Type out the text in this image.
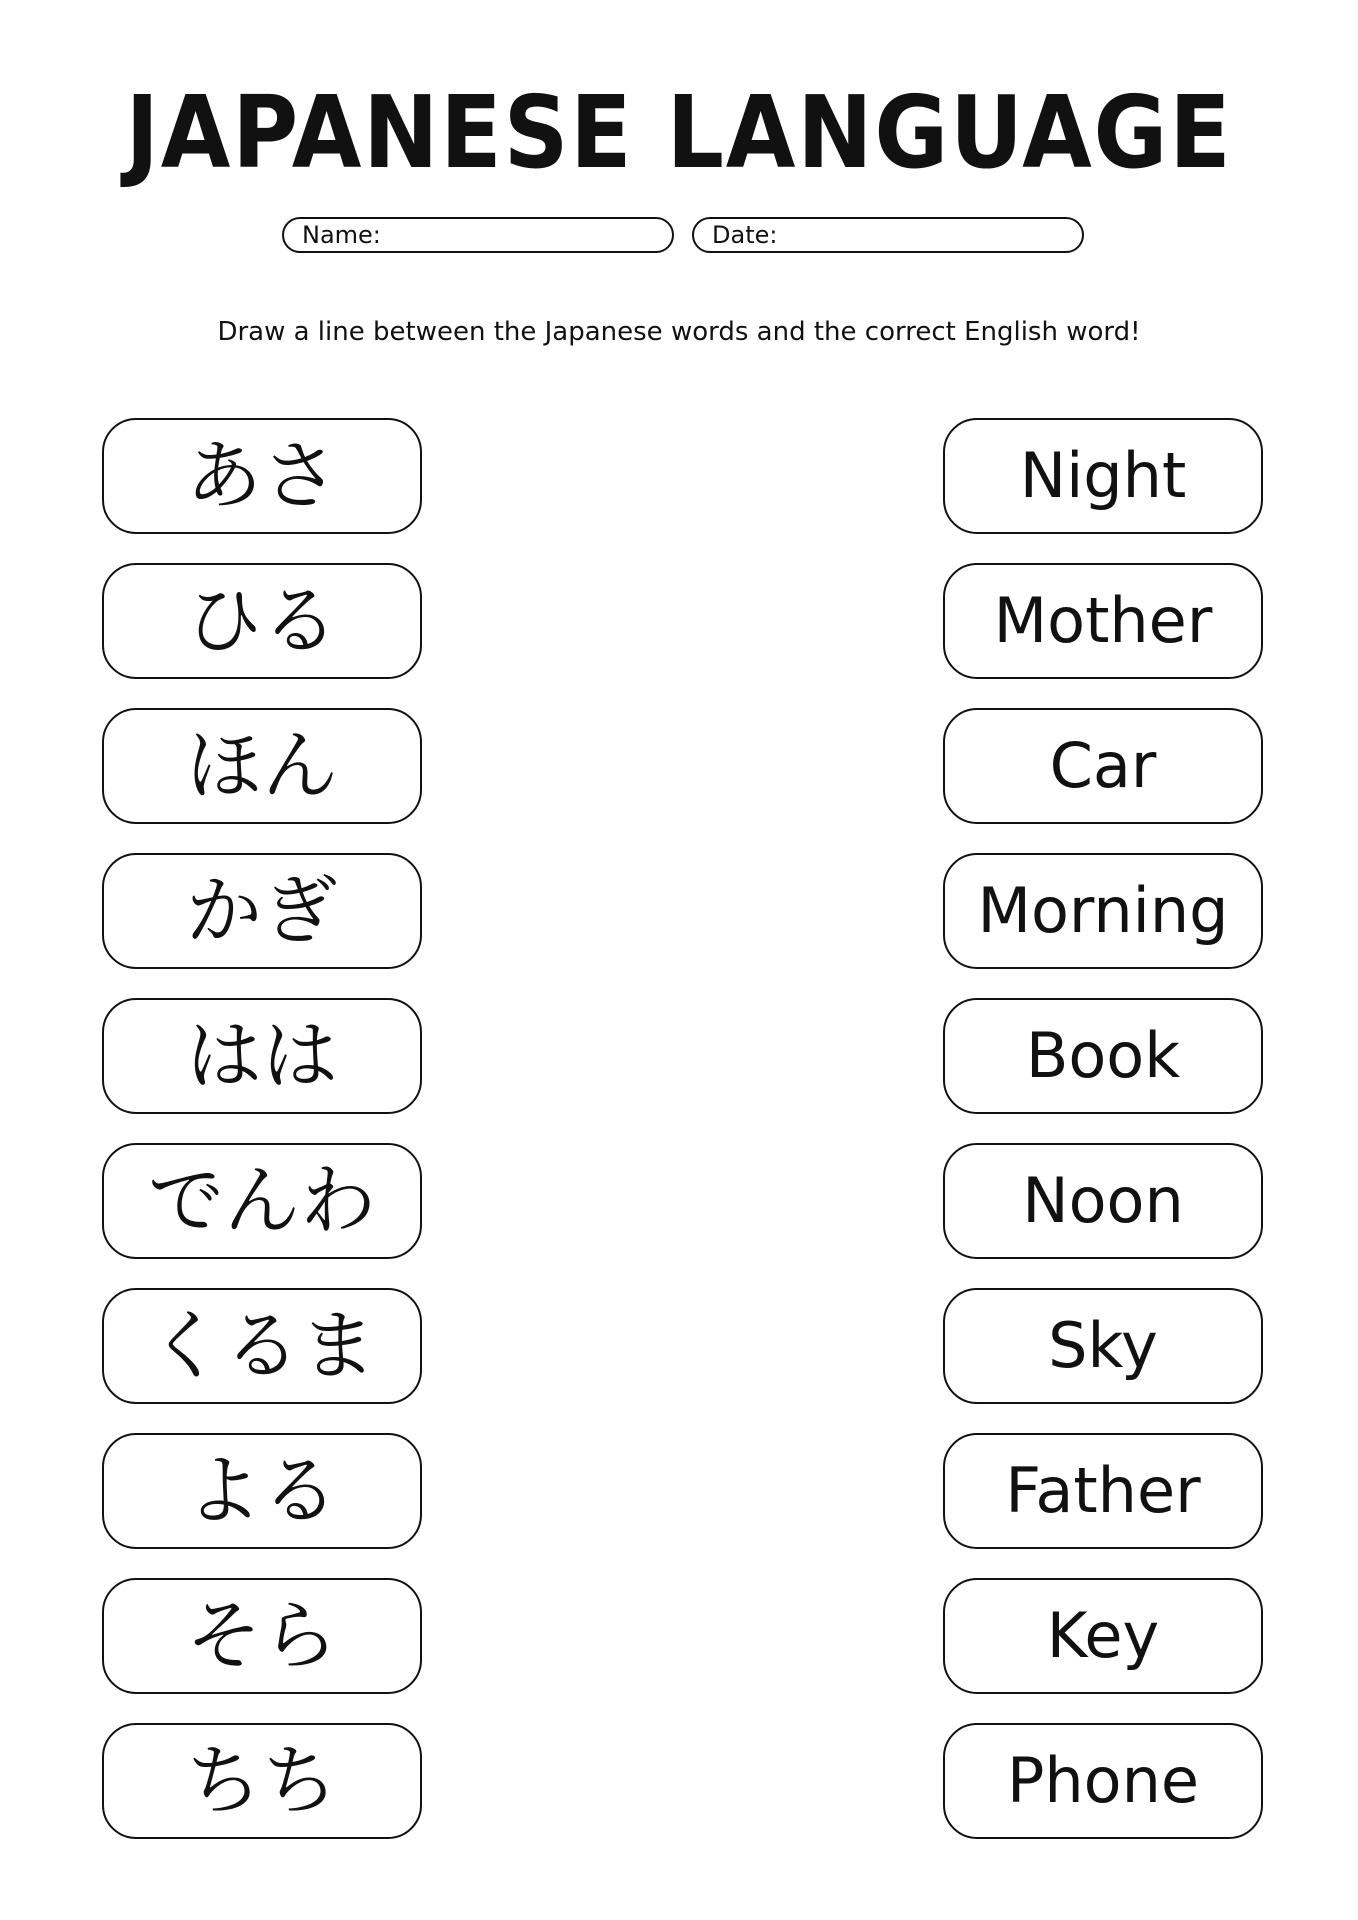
JAPANESE LANGUAGE
Name:	Date:
Draw a line between the Japanese words and the correct English word!
あさ
ひる
ほん
かぎ
はは
でんわ
くるま
よる
そら
ちち
Night
Mother
Car
Morning
Book
Noon
Sky
Father
Key
Phone
